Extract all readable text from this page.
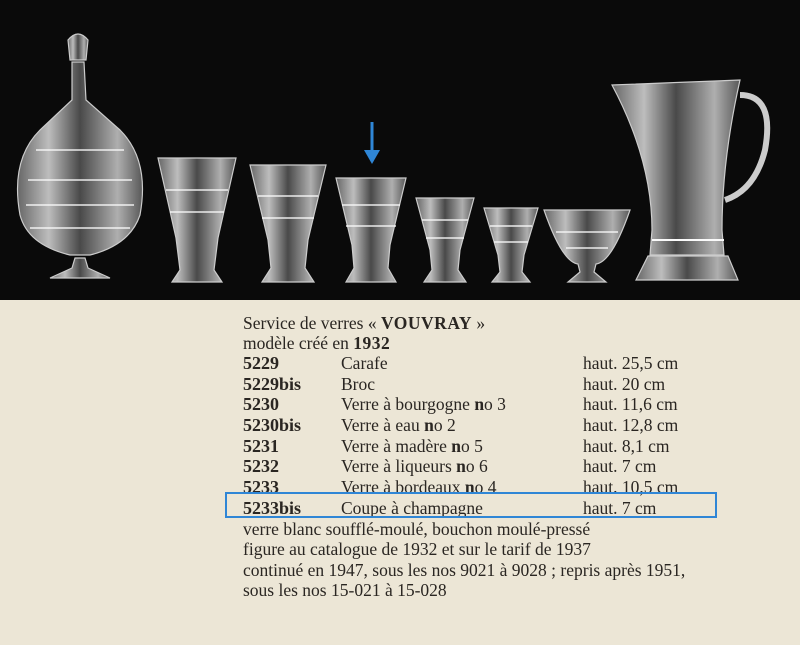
Service de verres « VOUVRAY »
modèle créé en 1932
5229	Carafe	haut. 25,5 cm
5229bis Broc	haut. 20 cm
5230	Verre à bourgogne no 3	haut. 11,6 cm
5230bis Verre à eau no 2	haut. 12,8 cm
5231	Verre à madère no 5	haut. 8,1 cm
5232	Verre à liqueurs no 6	haut. 7 cm
5233	Verre à bordeaux no 4	haut. 10,5 cm
5233bis Coupe à champagne	haut. 7 cm
verre blanc soufflé-moulé, bouchon moulé-pressé
figure au catalogue de 1932 et sur le tarif de 1937
continué en 1947, sous les nos 9021 à 9028 ; repris après 1951,
sous les nos 15-021 à 15-028
